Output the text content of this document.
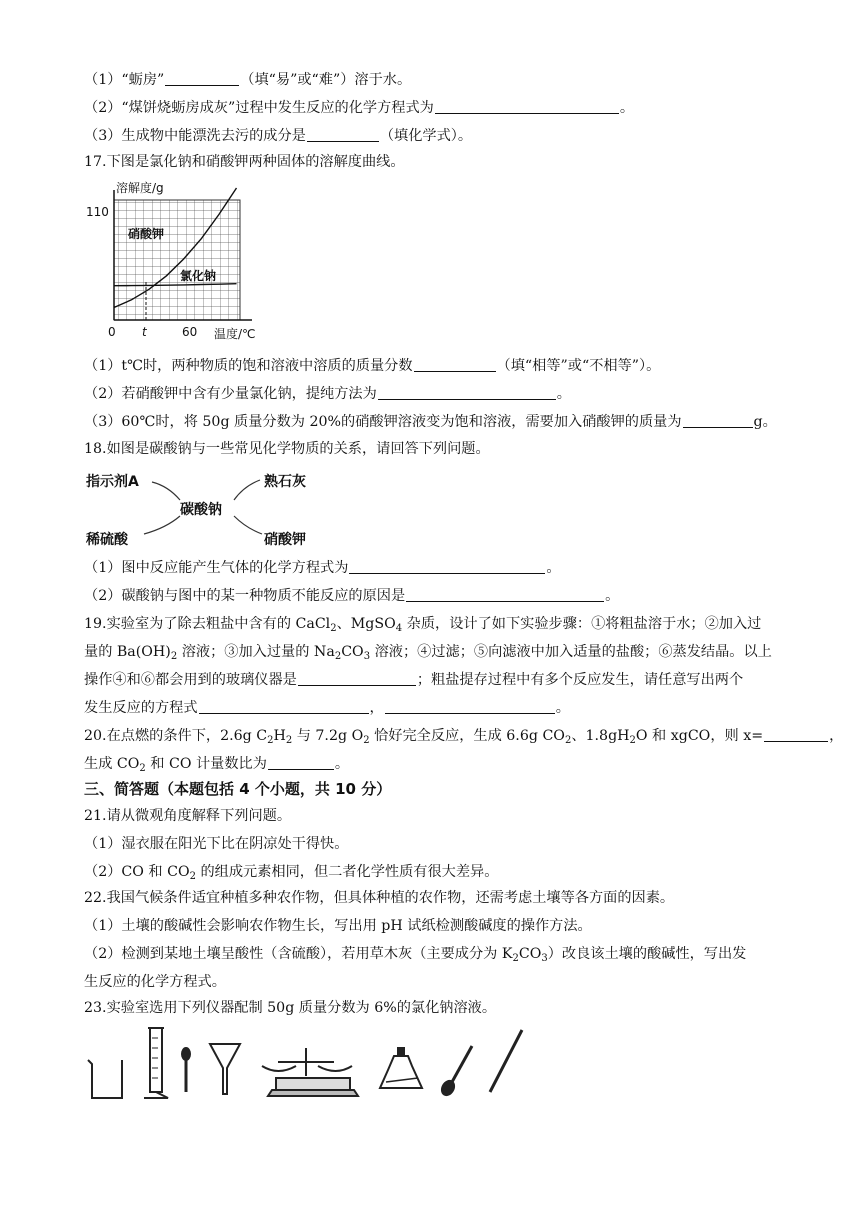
（1）“蛎房”	（填“易”或“难”）溶于水。
（2）“煤饼烧蛎房成灰”过程中发生反应的化学方程式为	。
（3）生成物中能漂洗去污的成分是	（填化学式）。
17.下图是氯化钠和硝酸钾两种固体的溶解度曲线。
溶解度/g
温度/℃
110
0 t	60
硝酸钾
氯化钠
（1）t℃时，两种物质的饱和溶液中溶质的质量分数	（填“相等”或“不相等”）。
（2）若硝酸钾中含有少量氯化钠，提纯方法为	。
（3）60℃时，将 50g 质量分数为 20%的硝酸钾溶液变为饱和溶液，需要加入硝酸钾的质量为	g。
18.如图是碳酸钠与一些常见化学物质的关系，请回答下列问题。
指示剂A	熟石灰
碳酸钠
稀硫酸	硝酸钾
（1）图中反应能产生气体的化学方程式为	。
（2）碳酸钠与图中的某一种物质不能反应的原因是	。
19.实验室为了除去粗盐中含有的 CaCl$_2$、MgSO$_4$ 杂质，设计了如下实验步骤：①将粗盐溶于水；②加入过
量的 $Ba(OH)_2$ 溶液；③加入过量的 $Na_2CO_3$ 溶液；④过滤；⑤向滤液中加入适量的盐酸；⑥蒸发结晶。以上
操作④和⑥都会用到的玻璃仪器是	；粗盐提存过程中有多个反应发生，请任意写出两个
发生反应的方程式	，	。
20.在点燃的条件下，2.6g $C_2H_2$ 与 7.2g $O_2$ 恰好完全反应，生成 6.6g $CO_2$、$1.8gH_2O$ 和 xgCO，则 x=	，
生成 $CO_2$ 和 CO 计量数比为	。
三、简答题（本题包括 4 个小题，共 10 分）
21.请从微观角度解释下列问题。
（1）湿衣服在阳光下比在阴凉处干得快。
（2）CO 和 $CO_2$ 的组成元素相同，但二者化学性质有很大差异。
22.我国气候条件适宜种植多种农作物，但具体种植的农作物，还需考虑土壤等各方面的因素。
（1）土壤的酸碱性会影响农作物生长，写出用 pH 试纸检测酸碱度的操作方法。
（2）检测到某地土壤呈酸性（含硫酸），若用草木灰（主要成分为 $K_2CO_3$）改良该土壤的酸碱性，写出发
生反应的化学方程式。
23.实验室选用下列仪器配制 50g 质量分数为 6%的氯化钠溶液。
